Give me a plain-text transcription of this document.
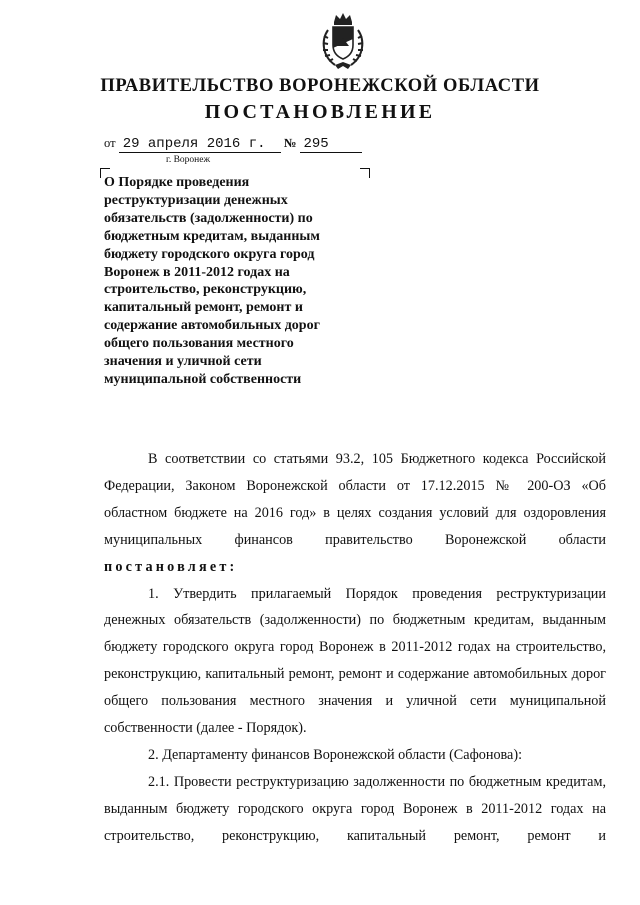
ПРАВИТЕЛЬСТВО ВОРОНЕЖСКОЙ ОБЛАСТИ
ПОСТАНОВЛЕНИЕ
от 29 апреля 2016 г. № 295
г. Воронеж
О Порядке проведения реструктуризации денежных обязательств (задолженности) по бюджетным кредитам, выданным бюджету городского округа город Воронеж в 2011-2012 годах на строительство, реконструкцию, капитальный ремонт, ремонт и содержание автомобильных дорог общего пользования местного значения и уличной сети муниципальной собственности

В соответствии со статьями 93.2, 105 Бюджетного кодекса Российской Федерации, Законом Воронежской области от 17.12.2015 № 200-ОЗ «Об областном бюджете на 2016 год» в целях создания условий для оздоровления муниципальных финансов правительство Воронежской области

постановляет:

1. Утвердить прилагаемый Порядок проведения реструктуризации денежных обязательств (задолженности) по бюджетным кредитам, выданным бюджету городского округа город Воронеж в 2011-2012 годах на строительство, реконструкцию, капитальный ремонт, ремонт и содержание автомобильных дорог общего пользования местного значения и уличной сети муниципальной собственности (далее - Порядок).

2. Департаменту финансов Воронежской области (Сафонова):

2.1. Провести реструктуризацию задолженности по бюджетным кредитам, выданным бюджету городского округа город Воронеж в 2011-2012 годах на строительство, реконструкцию, капитальный ремонт, ремонт и
